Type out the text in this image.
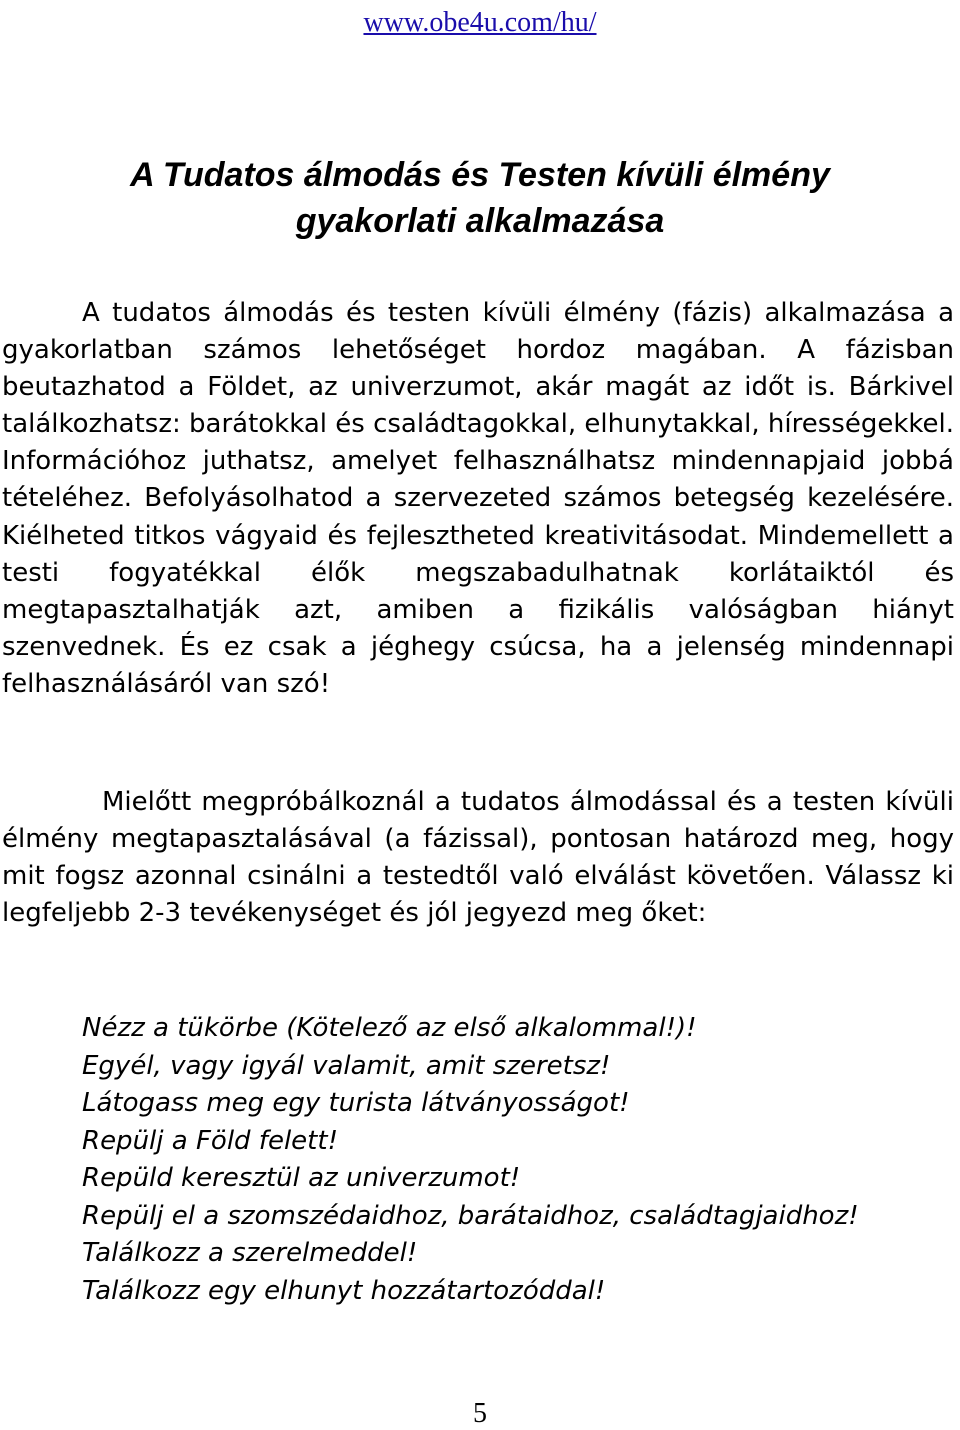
www.obe4u.com/hu/
A Tudatos álmodás és Testen kívüli élmény
gyakorlati alkalmazása

A tudatos álmodás és testen kívüli élmény (fázis) alkalmazása a gyakorlatban számos lehetőséget hordoz magában. A fázisban beutazhatod a Földet, az univerzumot, akár magát az időt is. Bárkivel találkozhatsz: barátokkal és családtagokkal, elhunytakkal, hírességekkel. Információhoz juthatsz, amelyet felhasználhatsz mindennapjaid jobbá tételéhez. Befolyásolhatod a szervezeted számos betegség kezelésére. Kiélheted titkos vágyaid és fejlesztheted kreativitásodat. Mindemellett a testi fogyatékkal élők megszabadulhatnak korlátaiktól és megtapasztalhatják azt, amiben a fizikális valóságban hiányt szenvednek. És ez csak a jéghegy csúcsa, ha a jelenség mindennapi felhasználásáról van szó!

Mielőtt megpróbálkoznál a tudatos álmodással és a testen kívüli élmény megtapasztalásával (a fázissal), pontosan határozd meg, hogy mit fogsz azonnal csinálni a testedtől való elválást követően. Válassz ki legfeljebb 2-3 tevékenységet és jól jegyezd meg őket:

Nézz a tükörbe (Kötelező az első alkalommal!)!
Egyél, vagy igyál valamit, amit szeretsz!
Látogass meg egy turista látványosságot!
Repülj a Föld felett!
Repüld keresztül az univerzumot!
Repülj el a szomszédaidhoz, barátaidhoz, családtagjaidhoz!
Találkozz a szerelmeddel!
Találkozz egy elhunyt hozzátartozóddal!
5
